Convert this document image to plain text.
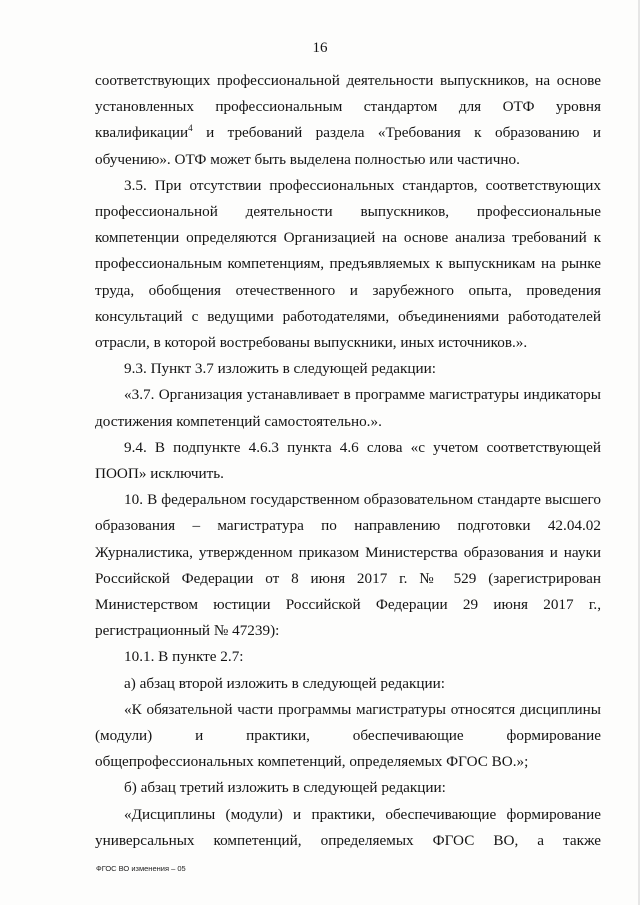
16

соответствующих профессиональной деятельности выпускников, на основе установленных профессиональным стандартом для ОТФ уровня квалификации$^4$ и требований раздела «Требования к образованию и обучению». ОТФ может быть выделена полностью или частично.

3.5. При отсутствии профессиональных стандартов, соответствующих профессиональной деятельности выпускников, профессиональные компетенции определяются Организацией на основе анализа требований к профессиональным компетенциям, предъявляемых к выпускникам на рынке труда, обобщения отечественного и зарубежного опыта, проведения консультаций с ведущими работодателями, объединениями работодателей отрасли, в которой востребованы выпускники, иных источников.».

9.3. Пункт 3.7 изложить в следующей редакции:

«3.7. Организация устанавливает в программе магистратуры индикаторы достижения компетенций самостоятельно.».

9.4. В подпункте 4.6.3 пункта 4.6 слова «с учетом соответствующей ПООП» исключить.

10. В федеральном государственном образовательном стандарте высшего образования – магистратура по направлению подготовки 42.04.02 Журналистика, утвержденном приказом Министерства образования и науки Российской Федерации от 8 июня 2017 г. № 529 (зарегистрирован Министерством юстиции Российской Федерации 29 июня 2017 г., регистрационный № 47239):

10.1. В пункте 2.7:

а) абзац второй изложить в следующей редакции:

«К обязательной части программы магистратуры относятся дисциплины (модули) и практики, обеспечивающие формирование общепрофессиональных компетенций, определяемых ФГОС ВО.»;

б) абзац третий изложить в следующей редакции:

«Дисциплины (модули) и практики, обеспечивающие формирование универсальных компетенций, определяемых ФГОС ВО, а также

ФГОС ВО изменения – 05
